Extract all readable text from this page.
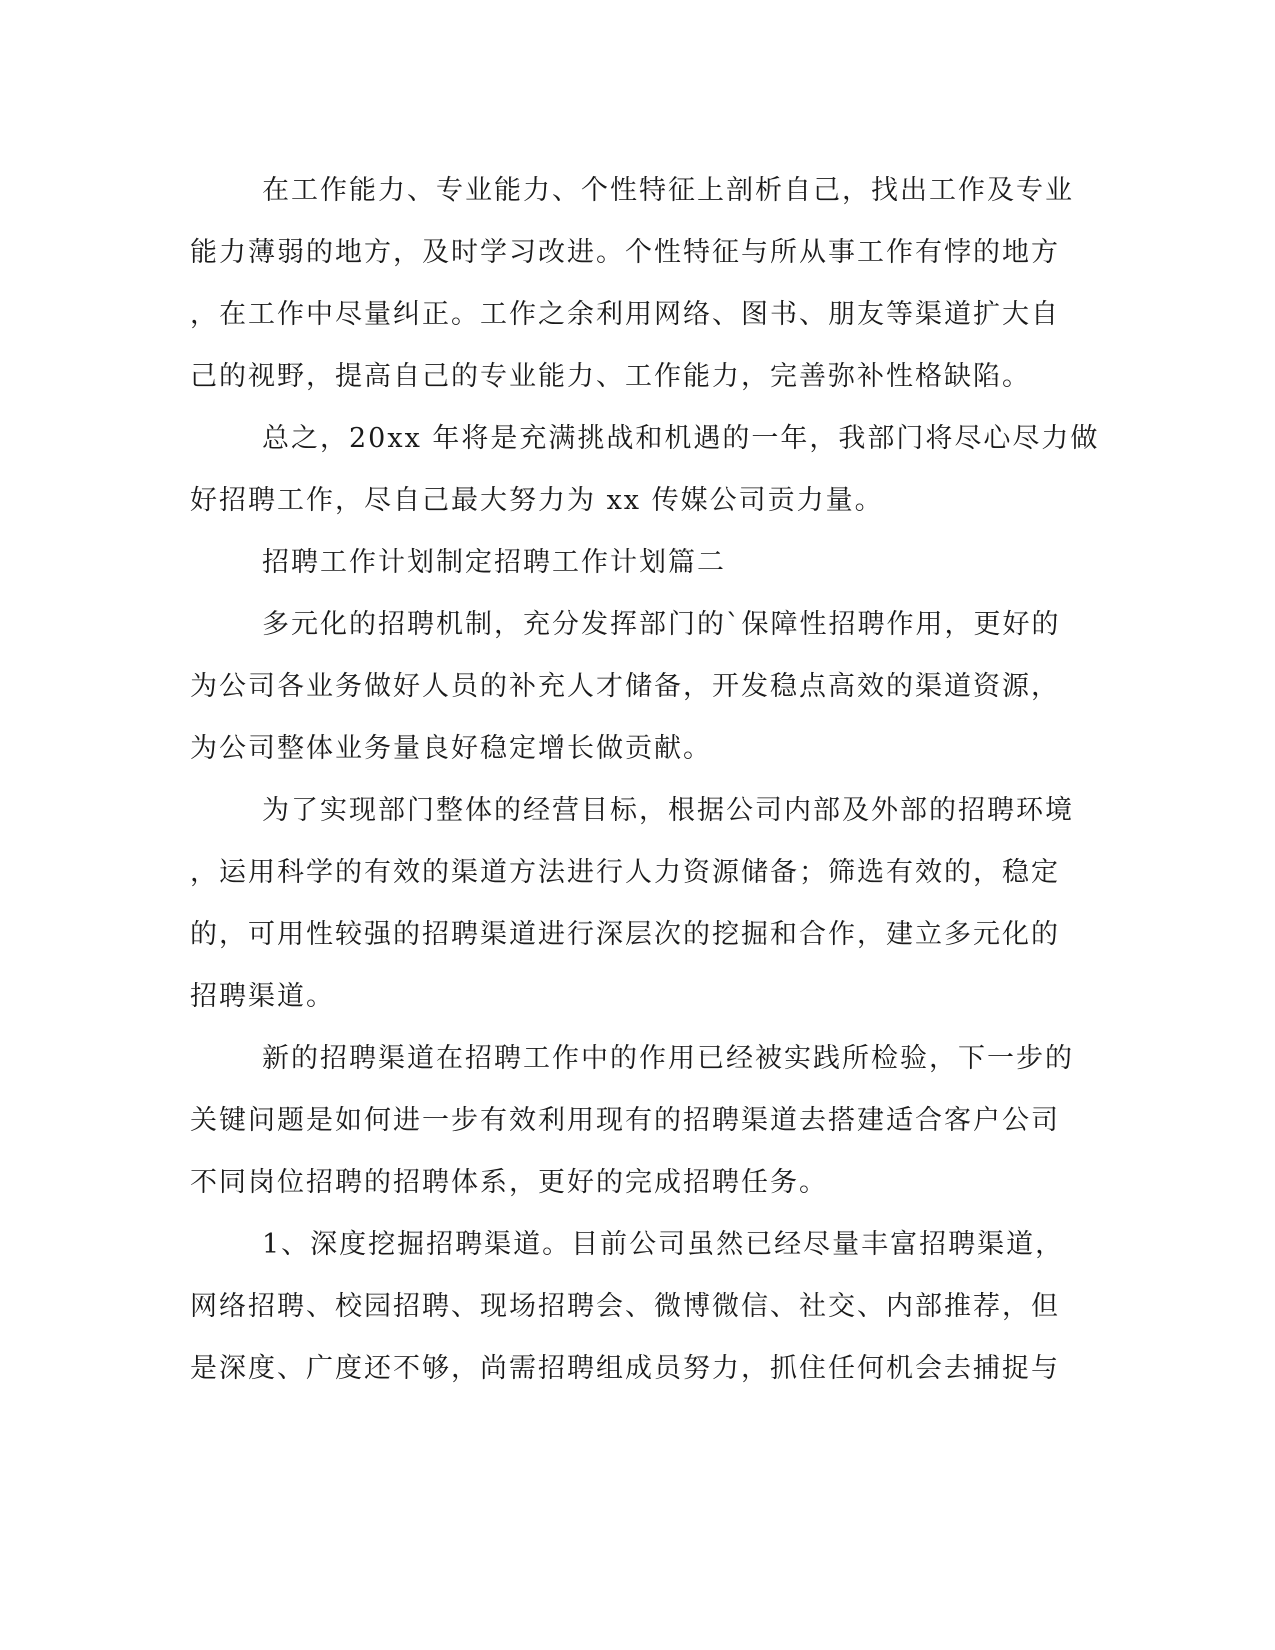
在工作能力、专业能力、个性特征上剖析自己，找出工作及专业
能力薄弱的地方，及时学习改进。个性特征与所从事工作有悖的地方
，在工作中尽量纠正。工作之余利用网络、图书、朋友等渠道扩大自
己的视野，提高自己的专业能力、工作能力，完善弥补性格缺陷。
总之，20xx 年将是充满挑战和机遇的一年，我部门将尽心尽力做
好招聘工作，尽自己最大努力为 xx 传媒公司贡力量。
招聘工作计划制定招聘工作计划篇二
多元化的招聘机制，充分发挥部门的`保障性招聘作用，更好的
为公司各业务做好人员的补充人才储备，开发稳点高效的渠道资源，
为公司整体业务量良好稳定增长做贡献。
为了实现部门整体的经营目标，根据公司内部及外部的招聘环境
，运用科学的有效的渠道方法进行人力资源储备；筛选有效的，稳定
的，可用性较强的招聘渠道进行深层次的挖掘和合作，建立多元化的
招聘渠道。
新的招聘渠道在招聘工作中的作用已经被实践所检验，下一步的
关键问题是如何进一步有效利用现有的招聘渠道去搭建适合客户公司
不同岗位招聘的招聘体系，更好的完成招聘任务。
1、深度挖掘招聘渠道。目前公司虽然已经尽量丰富招聘渠道，
网络招聘、校园招聘、现场招聘会、微博微信、社交、内部推荐，但
是深度、广度还不够，尚需招聘组成员努力，抓住任何机会去捕捉与
